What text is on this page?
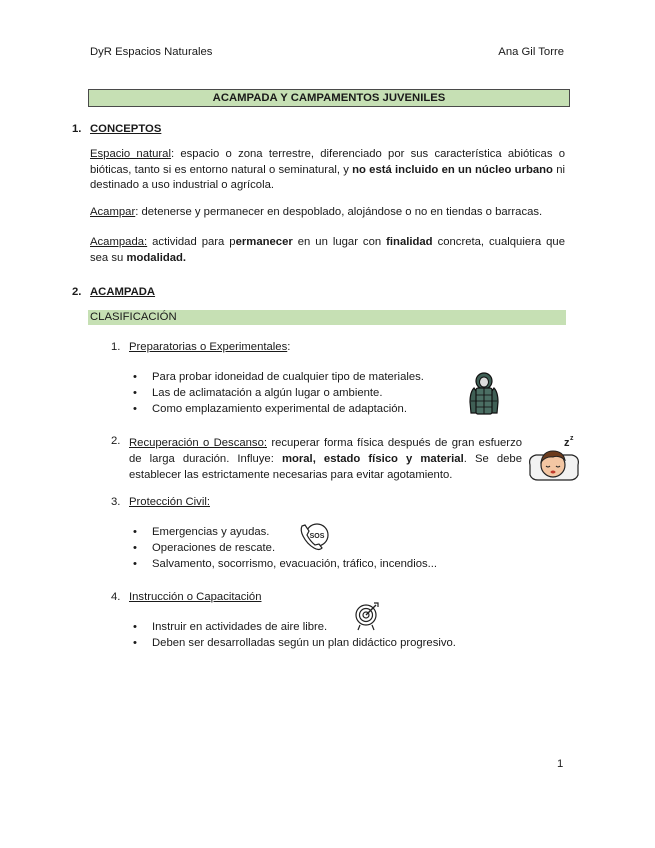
DyR Espacios Naturales	Ana Gil Torre
ACAMPADA Y CAMPAMENTOS JUVENILES
1. CONCEPTOS
Espacio natural: espacio o zona terrestre, diferenciado por sus característica abióticas o bióticas, tanto si es entorno natural o seminatural, y no está incluido en un núcleo urbano ni destinado a uso industrial o agrícola.
Acampar: detenerse y permanecer en despoblado, alojándose o no en tiendas o barracas.
Acampada: actividad para permanecer en un lugar con finalidad concreta, cualquiera que sea su modalidad.
2. ACAMPADA
CLASIFICACIÓN
1. Preparatorias o Experimentales:
•	Para probar idoneidad de cualquier tipo de materiales.
•	Las de aclimatación a algún lugar o ambiente.
•	Como emplazamiento experimental de adaptación.
2. Recuperación o Descanso: recuperar forma física después de gran esfuerzo de larga duración. Influye: moral, estado físico y material. Se debe establecer las estrictamente necesarias para evitar agotamiento.
z z
3. Protección Civil:
•	Emergencias y ayudas.
•	Operaciones de rescate.
•	Salvamento, socorrismo, evacuación, tráfico, incendios...
SOS
4. Instrucción o Capacitación
•	Instruir en actividades de aire libre.
•	Deben ser desarrolladas según un plan didáctico progresivo.
1
